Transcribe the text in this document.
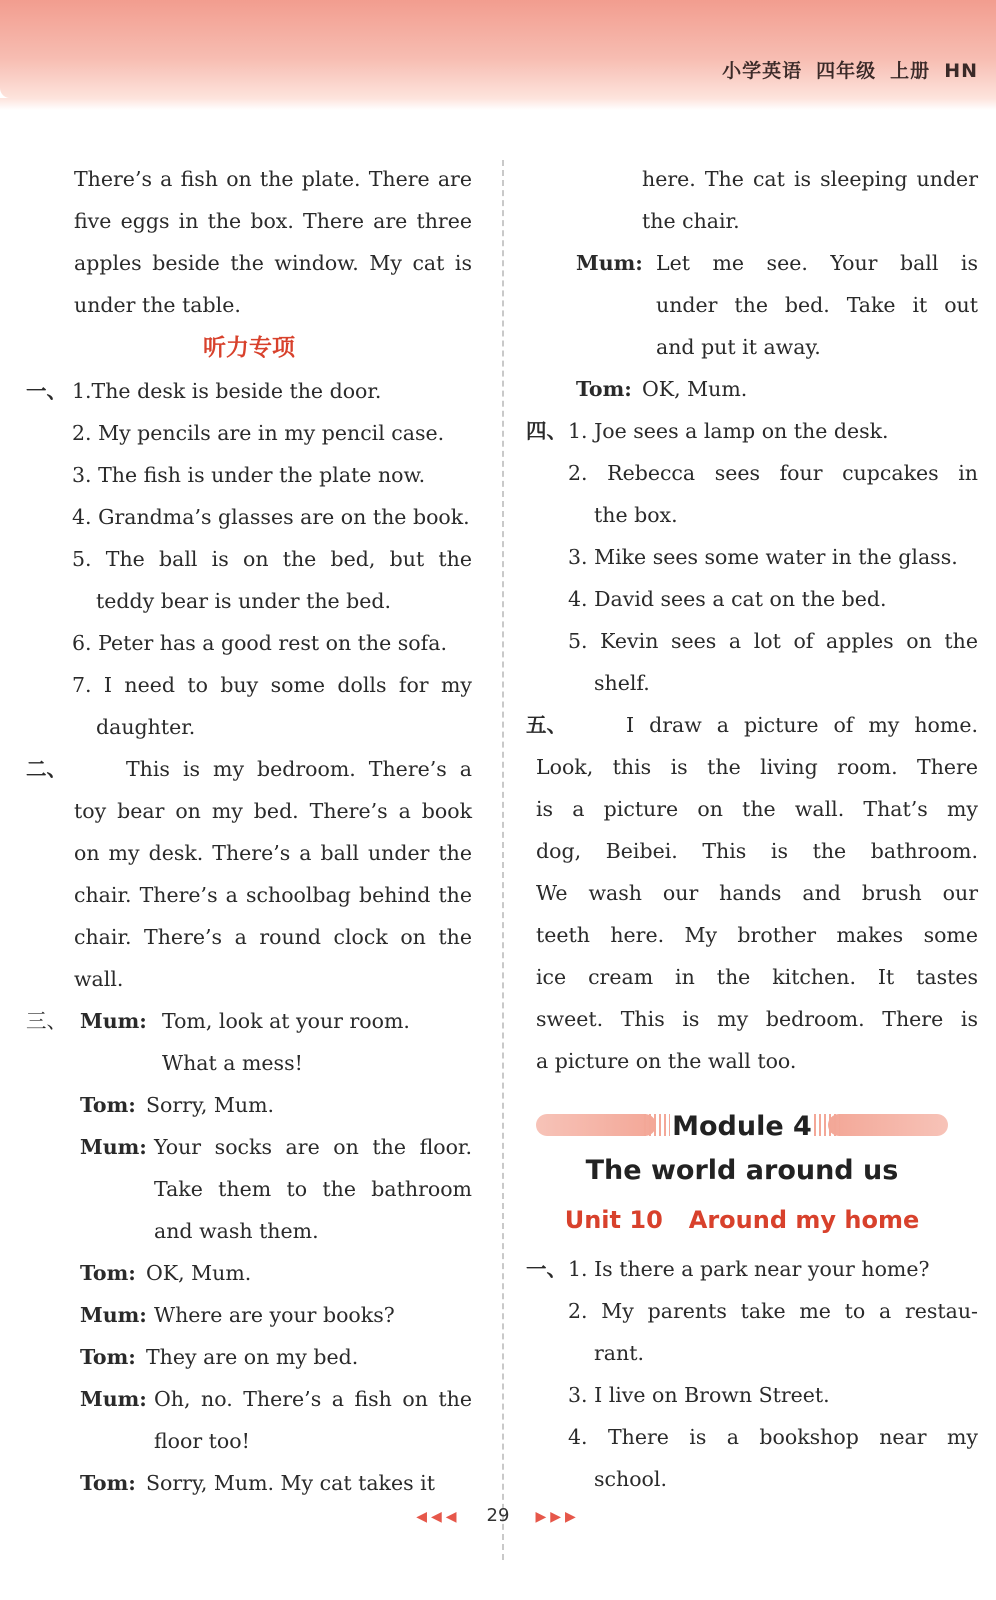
小学英语 四年级 上册 HN
There’s a fish on the plate. There are
five eggs in the box. There are three
apples beside the window. My cat is
under the table.
听力专项
一、 1.The desk is beside the door.
2. My pencils are in my pencil case.
3. The fish is under the plate now.
4. Grandma’s glasses are on the book.
5. The ball is on the bed, but the
teddy bear is under the bed.
6. Peter has a good rest on the sofa.
7. I need to buy some dolls for my
daughter.
二、	This is my bedroom. There’s a
toy bear on my bed. There’s a book
on my desk. There’s a ball under the
chair. There’s a schoolbag behind the
chair. There’s a round clock on the
wall.
三、 Mum: Tom, look at your room.
What a mess!
Tom: Sorry, Mum.
Mum: Your socks are on the floor.
Take them to the bathroom
and wash them.
Tom: OK, Mum.
Mum: Where are your books?
Tom: They are on my bed.
Mum: Oh, no. There’s a fish on the
floor too!
Tom: Sorry, Mum. My cat takes it
here. The cat is sleeping under
the chair.
Mum: Let me see. Your ball is
under the bed. Take it out
and put it away.
Tom: OK, Mum.
四、1. Joe sees a lamp on the desk.
2. Rebecca sees four cupcakes in
the box.
3. Mike sees some water in the glass.
4. David sees a cat on the bed.
5. Kevin sees a lot of apples on the
shelf.
五、	I draw a picture of my home.
Look, this is the living room. There
is a picture on the wall. That’s my
dog, Beibei. This is the bathroom.
We wash our hands and brush our
teeth here. My brother makes some
ice cream in the kitchen. It tastes
sweet. This is my bedroom. There is
a picture on the wall too.
Module 4
The world around us
Unit 10 Around my home
一、1. Is there a park near your home?
2. My parents take me to a restau-
rant.
3. I live on Brown Street.
4. There is a bookshop near my
school.
◀◀◀ 29 ▶▶▶
